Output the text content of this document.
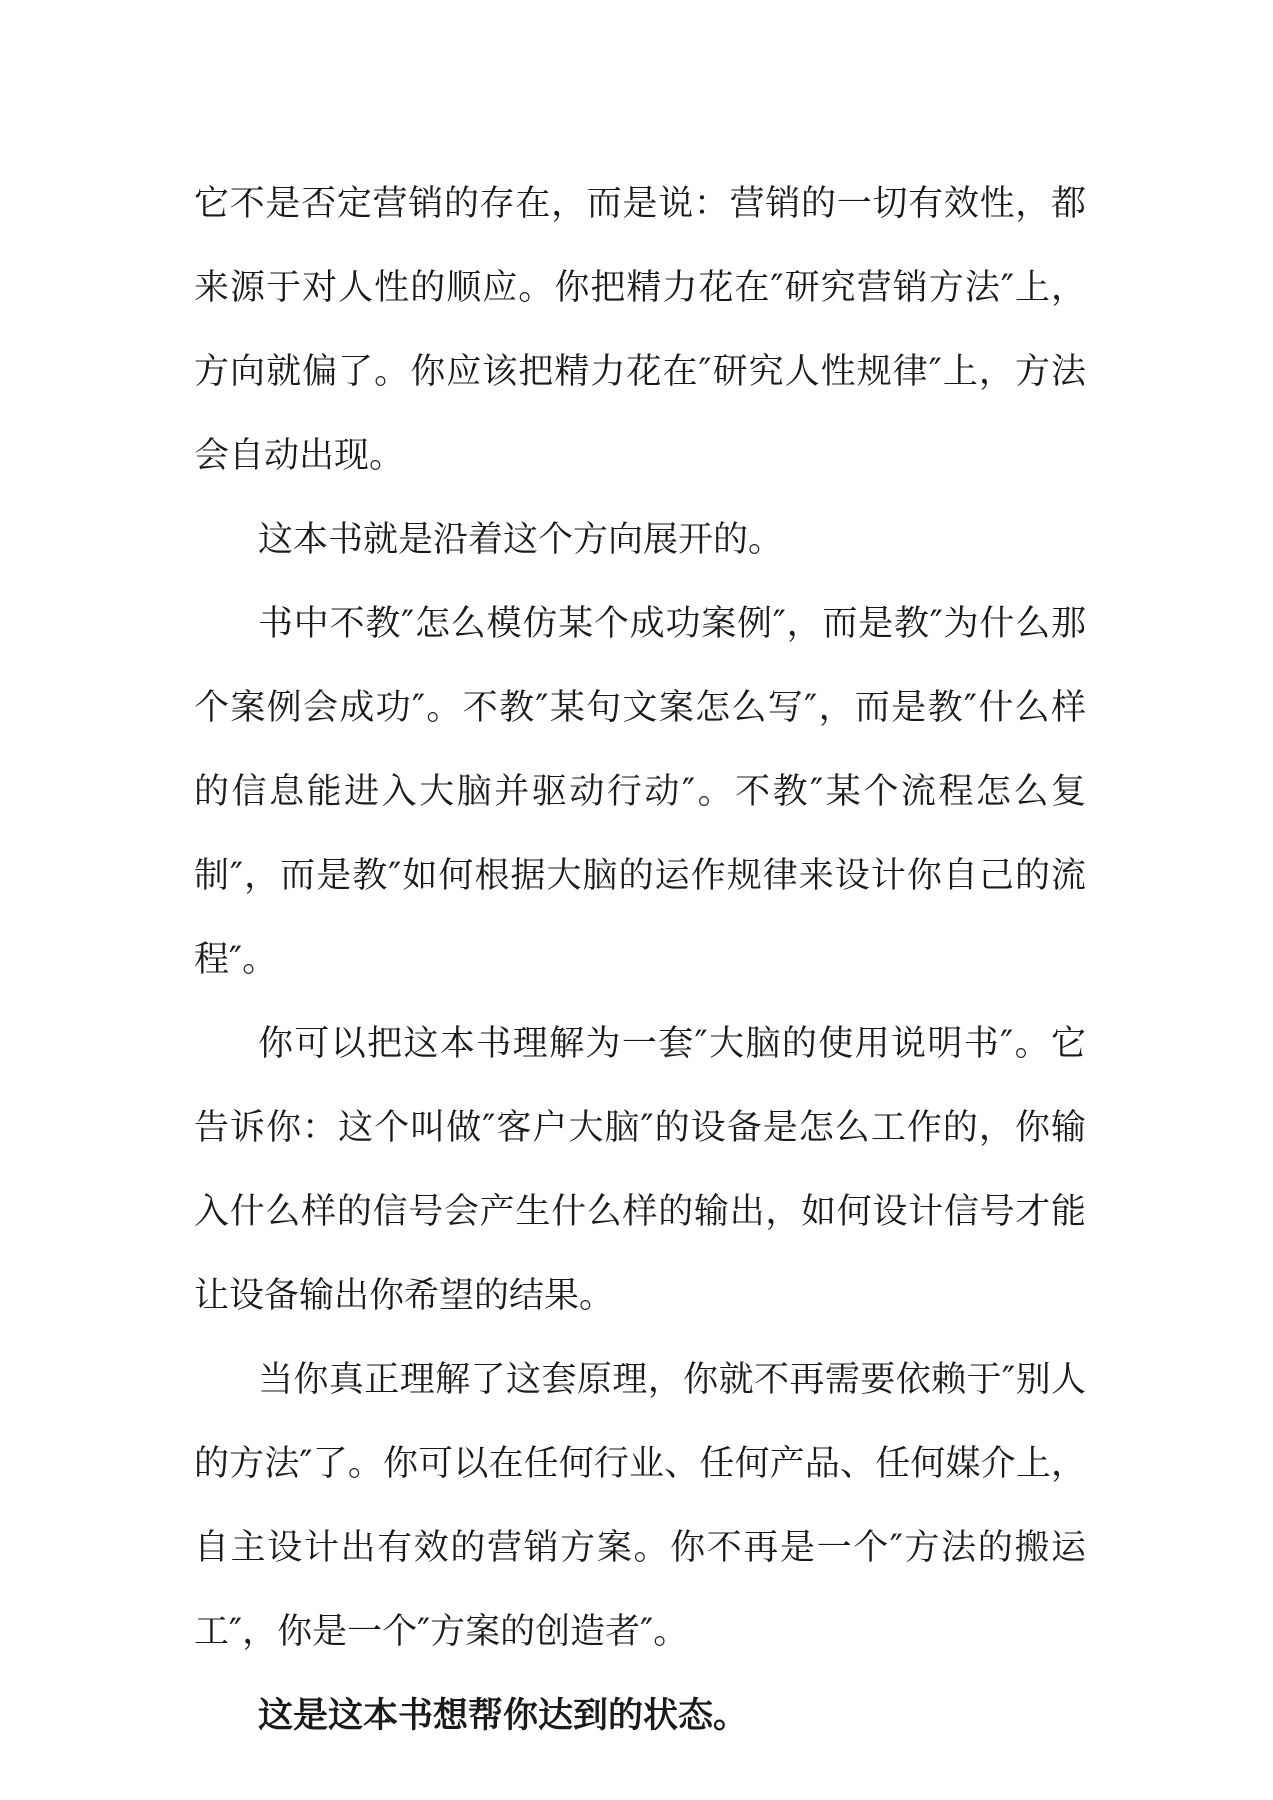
它不是否定营销的存在，而是说：营销的一切有效性，都来源于对人性的顺应。你把精力花在″研究营销方法″上，方向就偏了。你应该把精力花在″研究人性规律″上，方法会自动出现。

这本书就是沿着这个方向展开的。

书中不教″怎么模仿某个成功案例″，而是教″为什么那个案例会成功″。不教″某句文案怎么写″，而是教″什么样的信息能进入大脑并驱动行动″。不教″某个流程怎么复制″，而是教″如何根据大脑的运作规律来设计你自己的流程″。

你可以把这本书理解为一套″大脑的使用说明书″。它告诉你：这个叫做″客户大脑″的设备是怎么工作的，你输入什么样的信号会产生什么样的输出，如何设计信号才能让设备输出你希望的结果。

当你真正理解了这套原理，你就不再需要依赖于″别人的方法″了。你可以在任何行业、任何产品、任何媒介上，自主设计出有效的营销方案。你不再是一个″方法的搬运工″，你是一个″方案的创造者″。

这是这本书想帮你达到的状态。
